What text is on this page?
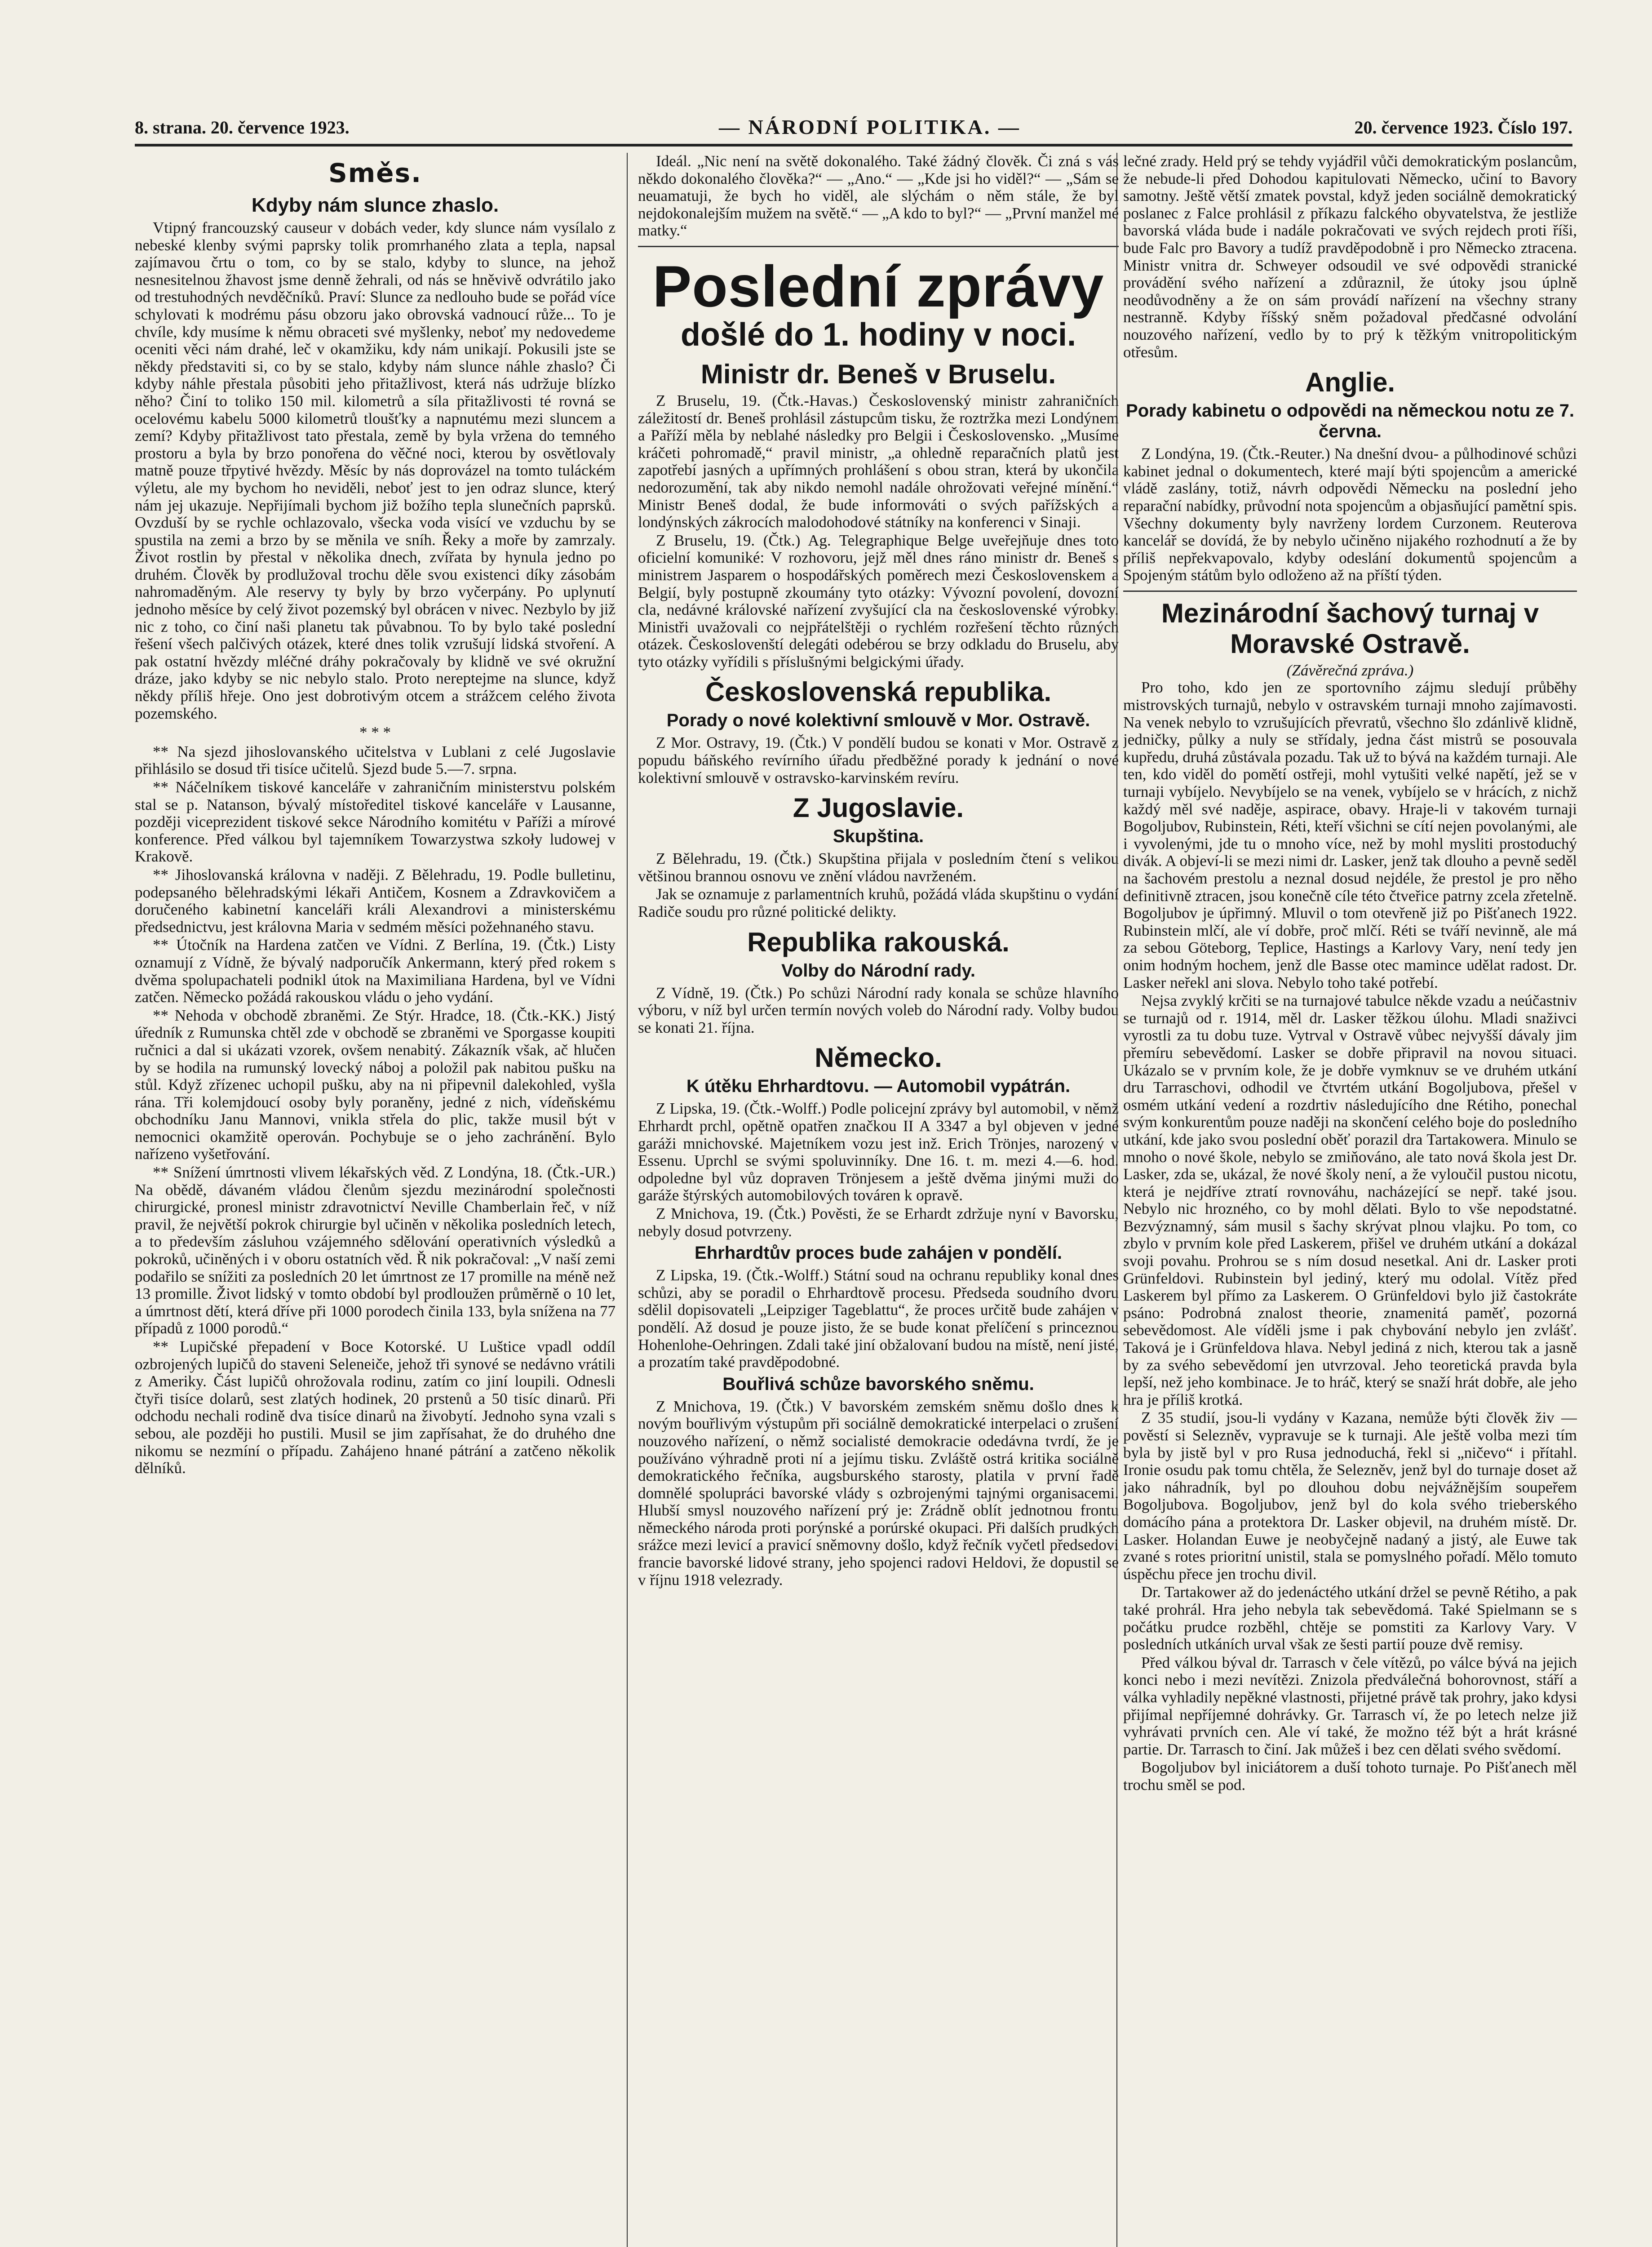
8. strana. 20. července 1923.	— NÁRODNÍ POLITIKA. —	20. července 1923. Číslo 197.
Směs.
Kdyby nám slunce zhaslo.

Vtipný francouzský causeur v dobách veder, kdy slunce nám vysílalo z nebeské klenby svými paprsky tolik promrhaného zlata a tepla, napsal zajímavou črtu o tom, co by se stalo, kdyby to slunce, na jehož nesnesitelnou žhavost jsme denně žehrali, od nás se hněvivě odvrátilo jako od trestuhodných nevděčníků. Praví: Slunce za nedlouho bude se pořád více schylovati k modrému pásu obzoru jako obrovská vadnoucí růže... To je chvíle, kdy musíme k němu obraceti své myšlenky, neboť my nedovedeme oceniti věci nám drahé, leč v okamžiku, kdy nám unikají. Pokusili jste se někdy představiti si, co by se stalo, kdyby nám slunce náhle zhaslo? Či kdyby náhle přestala působiti jeho přitažlivost, která nás udržuje blízko něho? Činí to toliko 150 mil. kilometrů a síla přitažlivosti té rovná se ocelovému kabelu 5000 kilometrů tloušťky a napnutému mezi sluncem a zemí? Kdyby přitažlivost tato přestala, země by byla vržena do temného prostoru a byla by brzo ponořena do věčné noci, kterou by osvětlovaly matně pouze třpytivé hvězdy. Měsíc by nás doprovázel na tomto tuláckém výletu, ale my bychom ho neviděli, neboť jest to jen odraz slunce, který nám jej ukazuje. Nepřijímali bychom již božího tepla slunečních paprsků. Ovzduší by se rychle ochlazovalo, všecka voda visící ve vzduchu by se spustila na zemi a brzo by se měnila ve sníh. Řeky a moře by zamrzaly. Život rostlin by přestal v několika dnech, zvířata by hynula jedno po druhém. Člověk by prodlužoval trochu děle svou existenci díky zásobám nahromaděným. Ale reservy ty byly by brzo vyčerpány. Po uplynutí jednoho měsíce by celý život pozemský byl obrácen v nivec. Nezbylo by již nic z toho, co činí naši planetu tak půvabnou. To by bylo také poslední řešení všech palčivých otázek, které dnes tolik vzrušují lidská stvoření. A pak ostatní hvězdy mléčné dráhy pokračovaly by klidně ve své okružní dráze, jako kdyby se nic nebylo stalo. Proto nereptejme na slunce, když někdy příliš hřeje. Ono jest dobrotivým otcem a strážcem celého života pozemského.

* * *

** Na sjezd jihoslovanského učitelstva v Lublani z celé Jugoslavie přihlásilo se dosud tři tisíce učitelů. Sjezd bude 5.—7. srpna.

** Náčelníkem tiskové kanceláře v zahraničním ministerstvu polském stal se p. Natanson, bývalý místoředitel tiskové kanceláře v Lausanne, později viceprezident tiskové sekce Národního komitétu v Paříži a mírové konference. Před válkou byl tajemníkem Towarzystwa szkoły ludowej v Krakově.

** Jihoslovanská královna v naději. Z Bělehradu, 19. Podle bulletinu, podepsaného bělehradskými lékaři Antičem, Kosnem a Zdravkovičem a doručeného kabinetní kanceláři králi Alexandrovi a ministerskému předsednictvu, jest královna Maria v sedmém měsíci požehnaného stavu.

** Útočník na Hardena zatčen ve Vídni. Z Berlína, 19. (Čtk.) Listy oznamují z Vídně, že bývalý nadporučík Ankermann, který před rokem s dvěma spolupachateli podnikl útok na Maximiliana Hardena, byl ve Vídni zatčen. Německo požádá rakouskou vládu o jeho vydání.

** Nehoda v obchodě zbraněmi. Ze Stýr. Hradce, 18. (Čtk.-KK.) Jistý úředník z Rumunska chtěl zde v obchodě se zbraněmi ve Sporgasse koupiti ručnici a dal si ukázati vzorek, ovšem nenabitý. Zákazník však, ač hlučen by se hodila na rumunský lovecký náboj a položil pak nabitou pušku na stůl. Když zřízenec uchopil pušku, aby na ni připevnil dalekohled, vyšla rána. Tři kolemjdoucí osoby byly poraněny, jedné z nich, vídeňskému obchodníku Janu Mannovi, vnikla střela do plic, takže musil být v nemocnici okamžitě operován. Pochybuje se o jeho zachránění. Bylo nařízeno vyšetřování.

** Snížení úmrtnosti vlivem lékařských věd. Z Londýna, 18. (Čtk.-UR.) Na obědě, dávaném vládou členům sjezdu mezinárodní společnosti chirurgické, pronesl ministr zdravotnictví Neville Chamberlain řeč, v níž pravil, že největší pokrok chirurgie byl učiněn v několika posledních letech, a to především zásluhou vzájemného sdělování operativních výsledků a pokroků, učiněných i v oboru ostatních věd. Ř nik pokračoval: „V naší zemi podařilo se snížiti za posledních 20 let úmrtnost ze 17 promille na méně než 13 promille. Život lidský v tomto období byl prodloužen průměrně o 10 let, a úmrtnost dětí, která dříve při 1000 porodech činila 133, byla snížena na 77 případů z 1000 porodů.“

** Lupičské přepadení v Boce Kotorské. U Luštice vpadl oddíl ozbrojených lupičů do staveni Seleneiče, jehož tři synové se nedávno vrátili z Ameriky. Část lupičů ohrožovala rodinu, zatím co jiní loupili. Odnesli čtyři tisíce dolarů, sest zlatých hodinek, 20 prstenů a 50 tisíc dinarů. Při odchodu nechali rodině dva tisíce dinarů na živobytí. Jednoho syna vzali s sebou, ale později ho pustili. Musil se jim zapřísahat, že do druhého dne nikomu se nezmíní o případu. Zahájeno hnané pátrání a zatčeno několik dělníků.

Ideál. „Nic není na světě dokonalého. Také žádný člověk. Či zná s vás někdo dokonalého člověka?“ — „Ano.“ — „Kde jsi ho viděl?“ — „Sám se neuamatuji, že bych ho viděl, ale slýchám o něm stále, že byl nejdokonalejším mužem na světě.“ — „A kdo to byl?“ — „První manžel mé matky.“

Poslední zprávy
došlé do 1. hodiny v noci.
Ministr dr. Beneš v Bruselu.

Z Bruselu, 19. (Čtk.-Havas.) Československý ministr zahraničních záležitostí dr. Beneš prohlásil zástupcům tisku, že roztržka mezi Londýnem a Paříží měla by neblahé následky pro Belgii i Československo. „Musíme kráčeti pohromadě,“ pravil ministr, „a ohledně reparačních platů jest zapotřebí jasných a upřímných prohlášení s obou stran, která by ukončila nedorozumění, tak aby nikdo nemohl nadále ohrožovati veřejné mínění.“ Ministr Beneš dodal, že bude informováti o svých pařížských a londýnských zákrocích malodohodové státníky na konferenci v Sinaji.

Z Bruselu, 19. (Čtk.) Ag. Telegraphique Belge uveřejňuje dnes toto oficielní komuniké: V rozhovoru, jejž měl dnes ráno ministr dr. Beneš s ministrem Jasparem o hospodářských poměrech mezi Československem a Belgií, byly postupně zkoumány tyto otázky: Vývozní povolení, dovozní cla, nedávné královské nařízení zvyšující cla na československé výrobky. Ministři uvažovali co nejpřátelštěji o rychlém rozřešení těchto různých otázek. Českoslovenští delegáti odebérou se brzy odkladu do Bruselu, aby tyto otázky vyřídili s příslušnými belgickými úřady.

Československá republika.
Porady o nové kolektivní smlouvě v Mor. Ostravě.

Z Mor. Ostravy, 19. (Čtk.) V pondělí budou se konati v Mor. Ostravě z popudu báňského revírního úřadu předběžné porady k jednání o nové kolektivní smlouvě v ostravsko-karvinském revíru.

Z Jugoslavie.
Skupština.

Z Bělehradu, 19. (Čtk.) Skupština přijala v posledním čtení s velikou většinou brannou osnovu ve znění vládou navrženém.

Jak se oznamuje z parlamentních kruhů, požádá vláda skupštinu o vydání Radiče soudu pro různé politické delikty.

Republika rakouská.
Volby do Národní rady.

Z Vídně, 19. (Čtk.) Po schůzi Národní rady konala se schůze hlavního výboru, v níž byl určen termín nových voleb do Národní rady. Volby budou se konati 21. října.

Německo.
K útěku Ehrhardtovu. — Automobil vypátrán.

Z Lipska, 19. (Čtk.-Wolff.) Podle policejní zprávy byl automobil, v němž Ehrhardt prchl, opětně opatřen značkou II A 3347 a byl objeven v jedné garáži mnichovské. Majetníkem vozu jest inž. Erich Trönjes, narozený v Essenu. Uprchl se svými spoluvinníky. Dne 16. t. m. mezi 4.—6. hod. odpoledne byl vůz dopraven Trönjesem a ještě dvěma jinými muži do garáže štýrských automobilových továren k opravě.

Z Mnichova, 19. (Čtk.) Pověsti, že se Erhardt zdržuje nyní v Bavorsku, nebyly dosud potvrzeny.

Ehrhardtův proces bude zahájen v pondělí.

Z Lipska, 19. (Čtk.-Wolff.) Státní soud na ochranu republiky konal dnes schůzi, aby se poradil o Ehrhardtově procesu. Předseda soudního dvoru sdělil dopisovateli „Leipziger Tageblattu“, že proces určitě bude zahájen v pondělí. Až dosud je pouze jisto, že se bude konat přelíčení s princeznou Hohenlohe-Oehringen. Zdali také jiní obžalovaní budou na místě, není jisté, a prozatím také pravděpodobné.

Bouřlivá schůze bavorského sněmu.

Z Mnichova, 19. (Čtk.) V bavorském zemském sněmu došlo dnes k novým bouřlivým výstupům při sociálně demokratické interpelaci o zrušení nouzového nařízení, o němž socialisté demokracie odedávna tvrdí, že je používáno výhradně proti ní a jejímu tisku. Zvláště ostrá kritika sociálně demokratického řečníka, augsburského starosty, platila v první řadě domnělé spolupráci bavorské vlády s ozbrojenými tajnými organisacemi. Hlubší smysl nouzového nařízení prý je: Zrádně oblít jednotnou frontu německého národa proti porýnské a porúrské okupaci. Při dalších prudkých srážce mezi levicí a pravicí sněmovny došlo, když řečník vyčetl předsedovi francie bavorské lidové strany, jeho spojenci radovi Heldovi, že dopustil se v říjnu 1918 velezrady.

lečné zrady. Held prý se tehdy vyjádřil vůči demokratickým poslancům, že nebude-li před Dohodou kapitulovati Německo, učiní to Bavory samotny. Ještě větší zmatek povstal, když jeden sociálně demokratický poslanec z Falce prohlásil z příkazu falckého obyvatelstva, že jestliže bavorská vláda bude i nadále pokračovati ve svých rejdech proti říši, bude Falc pro Bavory a tudíž pravděpodobně i pro Německo ztracena. Ministr vnitra dr. Schweyer odsoudil ve své odpovědi stranické provádění svého nařízení a zdůraznil, že útoky jsou úplně neodůvodněny a že on sám provádí nařízení na všechny strany nestranně. Kdyby říšský sněm požadoval předčasné odvolání nouzového nařízení, vedlo by to prý k těžkým vnitropolitickým otřesům.

Anglie.
Porady kabinetu o odpovědi na německou notu ze 7. června.

Z Londýna, 19. (Čtk.-Reuter.) Na dnešní dvou- a půlhodinové schůzi kabinet jednal o dokumentech, které mají býti spojencům a americké vládě zaslány, totiž, návrh odpovědi Německu na poslední jeho reparační nabídky, průvodní nota spojencům a objasňující pamětní spis. Všechny dokumenty byly navrženy lordem Curzonem. Reuterova kancelář se dovídá, že by nebylo učiněno nijakého rozhodnutí a že by příliš nepřekvapovalo, kdyby odeslání dokumentů spojencům a Spojeným státům bylo odloženo až na příští týden.

Mezinárodní šachový turnaj v Moravské Ostravě.
(Závěrečná zpráva.)

Pro toho, kdo jen ze sportovního zájmu sledují průběhy mistrovských turnajů, nebylo v ostravském turnaji mnoho zajímavosti. Na venek nebylo to vzrušujících převratů, všechno šlo zdánlivě klidně, jedničky, půlky a nuly se střídaly, jedna část mistrů se posouvala kupředu, druhá zůstávala pozadu. Tak už to bývá na každém turnaji. Ale ten, kdo viděl do pomětí ostřeji, mohl vytušiti velké napětí, jež se v turnaji vybíjelo. Nevybíjelo se na venek, vybíjelo se v hrácích, z nichž každý měl své naděje, aspirace, obavy. Hraje-li v takovém turnaji Bogoljubov, Rubinstein, Réti, kteří všichni se cítí nejen povolanými, ale i vyvolenými, jde tu o mnoho více, než by mohl mysliti prostoduchý divák. A objeví-li se mezi nimi dr. Lasker, jenž tak dlouho a pevně seděl na šachovém prestolu a neznal dosud nejdéle, že prestol je pro něho definitivně ztracen, jsou konečně cíle této čtveřice patrny zcela zřetelně. Bogoljubov je úpřimný. Mluvil o tom otevřeně již po Pišťanech 1922. Rubinstein mlčí, ale ví dobře, proč mlčí. Réti se tváří nevinně, ale má za sebou Göteborg, Teplice, Hastings a Karlovy Vary, není tedy jen onim hodným hochem, jenž dle Basse otec mamince udělat radost. Dr. Lasker neřekl ani slova. Nebylo toho také potřebí.

Nejsa zvyklý krčiti se na turnajové tabulce někde vzadu a neúčastniv se turnajů od r. 1914, měl dr. Lasker těžkou úlohu. Mladi snaživci vyrostli za tu dobu tuze. Vytrval v Ostravě vůbec nejvyšší dávaly jim přemíru sebevědomí. Lasker se dobře připravil na novou situaci. Ukázalo se v prvním kole, že je dobře vymknuv se ve druhém utkání dru Tarraschovi, odhodil ve čtvrtém utkání Bogoljubova, přešel v osmém utkání vedení a rozdrtiv následujícího dne Rétiho, ponechal svým konkurentům pouze naději na skončení celého boje do posledního utkání, kde jako svou poslední oběť porazil dra Tartakowera. Minulo se mnoho o nové škole, nebylo se zmiňováno, ale tato nová škola jest Dr. Lasker, zda se, ukázal, že nové školy není, a že vyloučil pustou nicotu, která je nejdříve ztratí rovnováhu, nacházející se nepř. také jsou. Nebylo nic hrozného, co by mohl dělati. Bylo to vše nepodstatné. Bezvýznamný, sám musil s šachy skrývat plnou vlajku. Po tom, co zbylo v prvním kole před Laskerem, přišel ve druhém utkání a dokázal svoji povahu. Prohrou se s ním dosud nesetkal. Ani dr. Lasker proti Grünfeldovi. Rubinstein byl jediný, který mu odolal. Vítěz před Laskerem byl přímo za Laskerem. O Grünfeldovi bylo již častokráte psáno: Podrobná znalost theorie, znamenitá paměť, pozorná sebevědomost. Ale víděli jsme i pak chybování nebylo jen zvlášť. Taková je i Grünfeldova hlava. Nebyl jediná z nich, kterou tak a jasně by za svého sebevědomí jen utvrzoval. Jeho teoretická pravda byla lepší, než jeho kombinace. Je to hráč, který se snaží hrát dobře, ale jeho hra je příliš krotká.

Z 35 studií, jsou-li vydány v Kazana, nemůže býti člověk živ — pověstí si Selezněv, vypravuje se k turnaji. Ale ještě volba mezi tím byla by jistě byl v pro Rusa jednoduchá, řekl si „ničevo“ i přítahl. Ironie osudu pak tomu chtěla, že Selezněv, jenž byl do turnaje doset až jako náhradník, byl po dlouhou dobu nejvážnějším soupeřem Bogoljubova. Bogoljubov, jenž byl do kola svého trieberského domácího pána a protektora Dr. Lasker objevil, na druhém místě. Dr. Lasker. Holandan Euwe je neobyčejně nadaný a jistý, ale Euwe tak zvané s rotes prioritní unistil, stala se pomyslného pořadí. Mělo tomuto úspěchu přece jen trochu divil.

Dr. Tartakower až do jedenáctého utkání držel se pevně Rétiho, a pak také prohrál. Hra jeho nebyla tak sebevědomá. Také Spielmann se s počátku prudce rozběhl, chtěje se pomstiti za Karlovy Vary. V posledních utkáních urval však ze šesti partií pouze dvě remisy.

Před válkou býval dr. Tarrasch v čele vítězů, po válce bývá na jejich konci nebo i mezi nevítězi. Znizola předválečná bohorovnost, stáří a válka vyhladily nepěkné vlastnosti, přijetné právě tak prohry, jako kdysi přijímal nepříjemné dohrávky. Gr. Tarrasch ví, že po letech nelze již vyhrávati prvních cen. Ale ví také, že možno též být a hrát krásné partie. Dr. Tarrasch to činí. Jak můžeš i bez cen dělati svého svědomí.

Bogoljubov byl iniciátorem a duší tohoto turnaje. Po Pišťanech měl trochu směl se pod.
